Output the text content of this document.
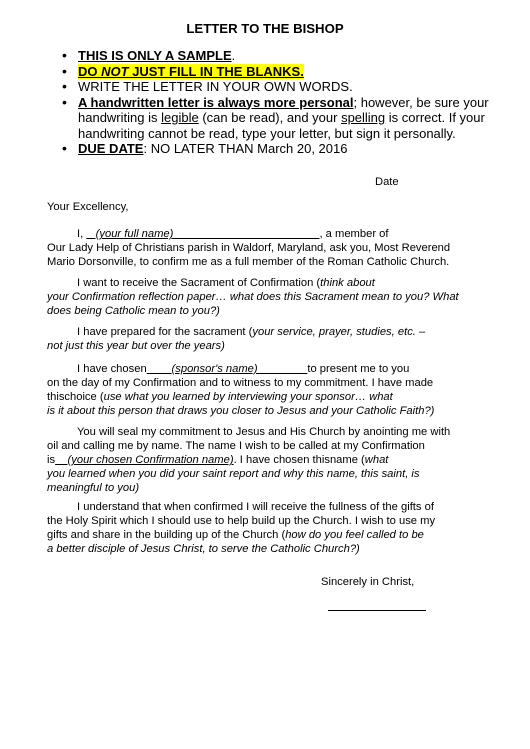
LETTER TO THE BISHOP
• THIS IS ONLY A SAMPLE.
• DO NOT JUST FILL IN THE BLANKS.
• WRITE THE LETTER IN YOUR OWN WORDS.
• A handwritten letter is always more personal; however, be sure your handwriting is legible (can be read), and your spelling is correct. If your handwriting cannot be read, type your letter, but sign it personally.
• DUE DATE: NO LATER THAN March 20, 2016
Date
Your Excellency,
I,    (your full name)                                               , a member of
Our Lady Help of Christians parish in Waldorf, Maryland, ask you, Most Reverend
Mario Dorsonville, to confirm me as a full member of the Roman Catholic Church.
I want to receive the Sacrament of Confirmation (think about
your Confirmation reflection paper… what does this Sacrament mean to you? What
does being Catholic mean to you?)
I have prepared for the sacrament (your service, prayer, studies, etc. –
not just this year but over the years)
I have chosen        (sponsor's name)                to present me to you
on the day of my Confirmation and to witness to my commitment. I have made
thischoice (use what you learned by interviewing your sponsor… what
is it about this person that draws you closer to Jesus and your Catholic Faith?)
You will seal my commitment to Jesus and His Church by anointing me with
oil and calling me by name. The name I wish to be called at my Confirmation
is    (your chosen Confirmation name). I have chosen thisname (what
you learned when you did your saint report and why this name, this saint, is
meaningful to you)
I understand that when confirmed I will receive the fullness of the gifts of
the Holy Spirit which I should use to help build up the Church. I wish to use my
gifts and share in the building up of the Church (how do you feel called to be
a better disciple of Jesus Christ, to serve the Catholic Church?)
Sincerely in Christ,
